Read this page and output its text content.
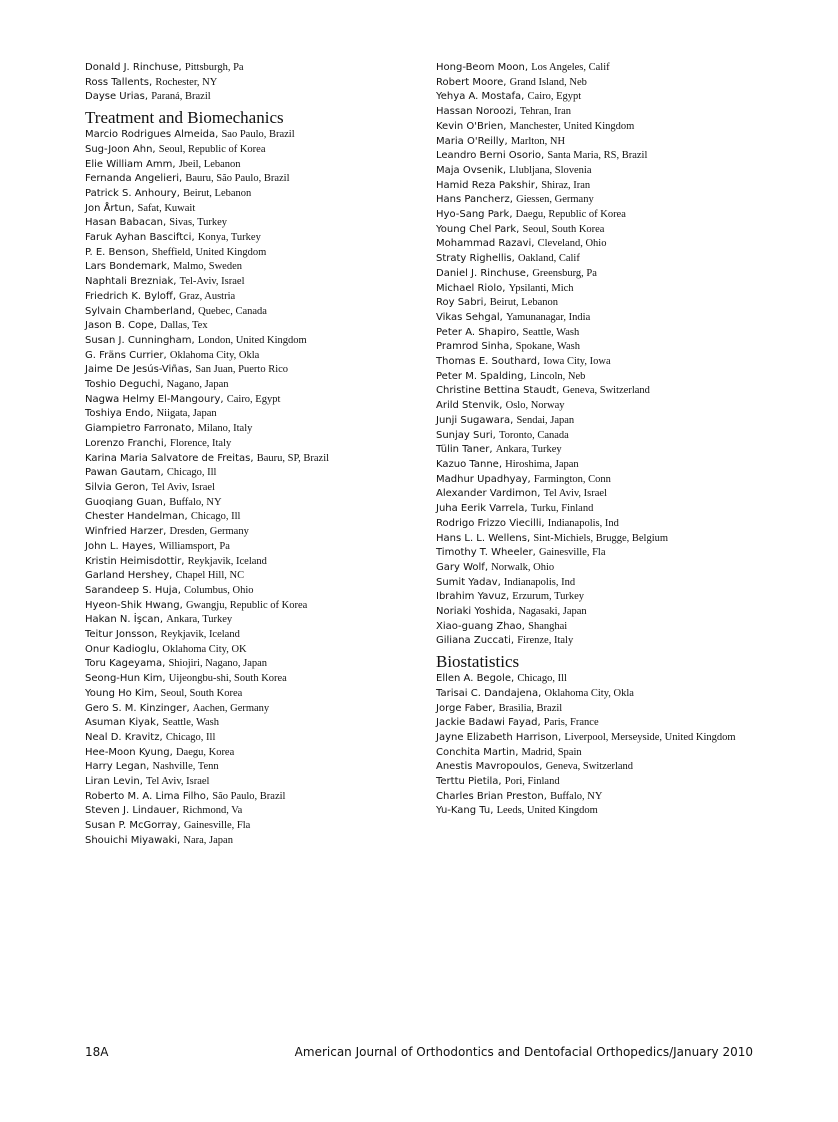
Donald J. Rinchuse, Pittsburgh, Pa
Ross Tallents, Rochester, NY
Dayse Urias, Paraná, Brazil
Treatment and Biomechanics
Marcio Rodrigues Almeida, Sao Paulo, Brazil
Sug-Joon Ahn, Seoul, Republic of Korea
Elie William Amm, Jbeil, Lebanon
Fernanda Angelieri, Bauru, São Paulo, Brazil
Patrick S. Anhoury, Beirut, Lebanon
Jon Årtun, Safat, Kuwait
Hasan Babacan, Sivas, Turkey
Faruk Ayhan Basciftci, Konya, Turkey
P. E. Benson, Sheffield, United Kingdom
Lars Bondemark, Malmo, Sweden
Naphtali Brezniak, Tel-Aviv, Israel
Friedrich K. Byloff, Graz, Austria
Sylvain Chamberland, Quebec, Canada
Jason B. Cope, Dallas, Tex
Susan J. Cunningham, London, United Kingdom
G. Fräns Currier, Oklahoma City, Okla
Jaime De Jesús-Viñas, San Juan, Puerto Rico
Toshio Deguchi, Nagano, Japan
Nagwa Helmy El-Mangoury, Cairo, Egypt
Toshiya Endo, Niigata, Japan
Giampietro Farronato, Milano, Italy
Lorenzo Franchi, Florence, Italy
Karina Maria Salvatore de Freitas, Bauru, SP, Brazil
Pawan Gautam, Chicago, Ill
Silvia Geron, Tel Aviv, Israel
Guoqiang Guan, Buffalo, NY
Chester Handelman, Chicago, Ill
Winfried Harzer, Dresden, Germany
John L. Hayes, Williamsport, Pa
Kristin Heimisdottir, Reykjavik, Iceland
Garland Hershey, Chapel Hill, NC
Sarandeep S. Huja, Columbus, Ohio
Hyeon-Shik Hwang, Gwangju, Republic of Korea
Hakan N. İşcan, Ankara, Turkey
Teitur Jonsson, Reykjavik, Iceland
Onur Kadioglu, Oklahoma City, OK
Toru Kageyama, Shiojiri, Nagano, Japan
Seong-Hun Kim, Uijeongbu-shi, South Korea
Young Ho Kim, Seoul, South Korea
Gero S. M. Kinzinger, Aachen, Germany
Asuman Kiyak, Seattle, Wash
Neal D. Kravitz, Chicago, Ill
Hee-Moon Kyung, Daegu, Korea
Harry Legan, Nashville, Tenn
Liran Levin, Tel Aviv, Israel
Roberto M. A. Lima Filho, São Paulo, Brazil
Steven J. Lindauer, Richmond, Va
Susan P. McGorray, Gainesville, Fla
Shouichi Miyawaki, Nara, Japan
Hong-Beom Moon, Los Angeles, Calif
Robert Moore, Grand Island, Neb
Yehya A. Mostafa, Cairo, Egypt
Hassan Noroozi, Tehran, Iran
Kevin O'Brien, Manchester, United Kingdom
Maria O'Reilly, Marlton, NH
Leandro Berni Osorio, Santa Maria, RS, Brazil
Maja Ovsenik, Llubljana, Slovenia
Hamid Reza Pakshir, Shiraz, Iran
Hans Pancherz, Giessen, Germany
Hyo-Sang Park, Daegu, Republic of Korea
Young Chel Park, Seoul, South Korea
Mohammad Razavi, Cleveland, Ohio
Straty Righellis, Oakland, Calif
Daniel J. Rinchuse, Greensburg, Pa
Michael Riolo, Ypsilanti, Mich
Roy Sabri, Beirut, Lebanon
Vikas Sehgal, Yamunanagar, India
Peter A. Shapiro, Seattle, Wash
Pramrod Sinha, Spokane, Wash
Thomas E. Southard, Iowa City, Iowa
Peter M. Spalding, Lincoln, Neb
Christine Bettina Staudt, Geneva, Switzerland
Arild Stenvik, Oslo, Norway
Junji Sugawara, Sendai, Japan
Sunjay Suri, Toronto, Canada
Tülin Taner, Ankara, Turkey
Kazuo Tanne, Hiroshima, Japan
Madhur Upadhyay, Farmington, Conn
Alexander Vardimon, Tel Aviv, Israel
Juha Eerik Varrela, Turku, Finland
Rodrigo Frizzo Viecilli, Indianapolis, Ind
Hans L. L. Wellens, Sint-Michiels, Brugge, Belgium
Timothy T. Wheeler, Gainesville, Fla
Gary Wolf, Norwalk, Ohio
Sumit Yadav, Indianapolis, Ind
Ibrahim Yavuz, Erzurum, Turkey
Noriaki Yoshida, Nagasaki, Japan
Xiao-guang Zhao, Shanghai
Giliana Zuccati, Firenze, Italy
Biostatistics
Ellen A. Begole, Chicago, Ill
Tarisai C. Dandajena, Oklahoma City, Okla
Jorge Faber, Brasìlia, Brazil
Jackie Badawi Fayad, Paris, France
Jayne Elizabeth Harrison, Liverpool, Merseyside, United Kingdom
Conchita Martin, Madrid, Spain
Anestis Mavropoulos, Geneva, Switzerland
Terttu Pietila, Pori, Finland
Charles Brian Preston, Buffalo, NY
Yu-Kang Tu, Leeds, United Kingdom
18A	American Journal of Orthodontics and Dentofacial Orthopedics/January 2010
